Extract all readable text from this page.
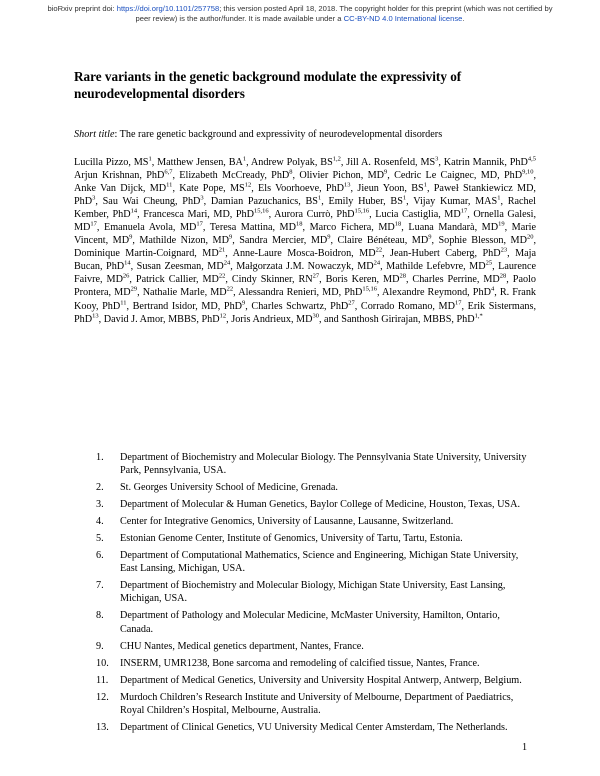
bioRxiv preprint doi: https://doi.org/10.1101/257758; this version posted April 18, 2018. The copyright holder for this preprint (which was not certified by peer review) is the author/funder. It is made available under a CC-BY-ND 4.0 International license.
Rare variants in the genetic background modulate the expressivity of neurodevelopmental disorders
Short title: The rare genetic background and expressivity of neurodevelopmental disorders
Lucilla Pizzo, $MS^1$, Matthew Jensen, $BA^1$, Andrew Polyak, BS$^{1,2}$, Jill A. Rosenfeld, $MS^3$, Katrin Mannik, PhD$^{4,5}$ Arjun Krishnan, PhD$^{6,7}$, Elizabeth McCready, PhD$^8$, Olivier Pichon, $MD^9$, Cedric Le Caignec, MD, PhD$^{9,10}$, Anke Van Dijck, MD$^{11}$, Kate Pope, MS$^{12}$, Els Voorhoeve, PhD$^{13}$, Jieun Yoon, $BS^1$, Paweł Stankiewicz MD, PhD$^3$, Sau Wai Cheung, PhD$^3$, Damian Pazuchanics, $BS^1$, Emily Huber, $BS^1$, Vijay Kumar, MAS$^1$, Rachel Kember, PhD$^{14}$, Francesca Mari, MD, PhD$^{15,16}$, Aurora Currò, PhD$^{15,16}$, Lucia Castiglia, MD$^{17}$, Ornella Galesi, MD$^{17}$, Emanuela Avola, MD$^{17}$, Teresa Mattina, MD$^{18}$, Marco Fichera, MD$^{18}$, Luana Mandarà, MD$^{19}$, Marie Vincent, $MD^9$, Mathilde Nizon, $MD^9$, Sandra Mercier, $MD^9$, Claire Bénéteau, $MD^9$, Sophie Blesson, MD$^{20}$, Dominique Martin-Coignard, MD$^{21}$, Anne-Laure Mosca-Boidron, MD$^{22}$, Jean-Hubert Caberg, PhD$^{23}$, Maja Bucan, PhD$^{14}$, Susan Zeesman, MD$^{24}$, Małgorzata J.M. Nowaczyk, MD$^{24}$, Mathilde Lefebvre, MD$^{25}$, Laurence Faivre, MD$^{26}$, Patrick Callier, MD$^{22}$, Cindy Skinner, RN$^{27}$, Boris Keren, MD$^{28}$, Charles Perrine, MD$^{28}$, Paolo Prontera, MD$^{29}$, Nathalie Marle, MD$^{22}$, Alessandra Renieri, MD, PhD$^{15,16}$, Alexandre Reymond, PhD$^4$, R. Frank Kooy, PhD$^{11}$, Bertrand Isidor, MD, PhD$^9$, Charles Schwartz, PhD$^{27}$, Corrado Romano, MD$^{17}$, Erik Sistermans, PhD$^{13}$, David J. Amor, MBBS, PhD$^{12}$, Joris Andrieux, MD$^{30}$, and Santhosh Girirajan, MBBS, PhD$^{1,*}$
1. Department of Biochemistry and Molecular Biology. The Pennsylvania State University, University Park, Pennsylvania, USA.
2. St. Georges University School of Medicine, Grenada.
3. Department of Molecular & Human Genetics, Baylor College of Medicine, Houston, Texas, USA.
4. Center for Integrative Genomics, University of Lausanne, Lausanne, Switzerland.
5. Estonian Genome Center, Institute of Genomics, University of Tartu, Tartu, Estonia.
6. Department of Computational Mathematics, Science and Engineering, Michigan State University, East Lansing, Michigan, USA.
7. Department of Biochemistry and Molecular Biology, Michigan State University, East Lansing, Michigan, USA.
8. Department of Pathology and Molecular Medicine, McMaster University, Hamilton, Ontario, Canada.
9. CHU Nantes, Medical genetics department, Nantes, France.
10. INSERM, UMR1238, Bone sarcoma and remodeling of calcified tissue, Nantes, France.
11. Department of Medical Genetics, University and University Hospital Antwerp, Antwerp, Belgium.
12. Murdoch Children’s Research Institute and University of Melbourne, Department of Paediatrics, Royal Children’s Hospital, Melbourne, Australia.
13. Department of Clinical Genetics, VU University Medical Center Amsterdam, The Netherlands.
1
